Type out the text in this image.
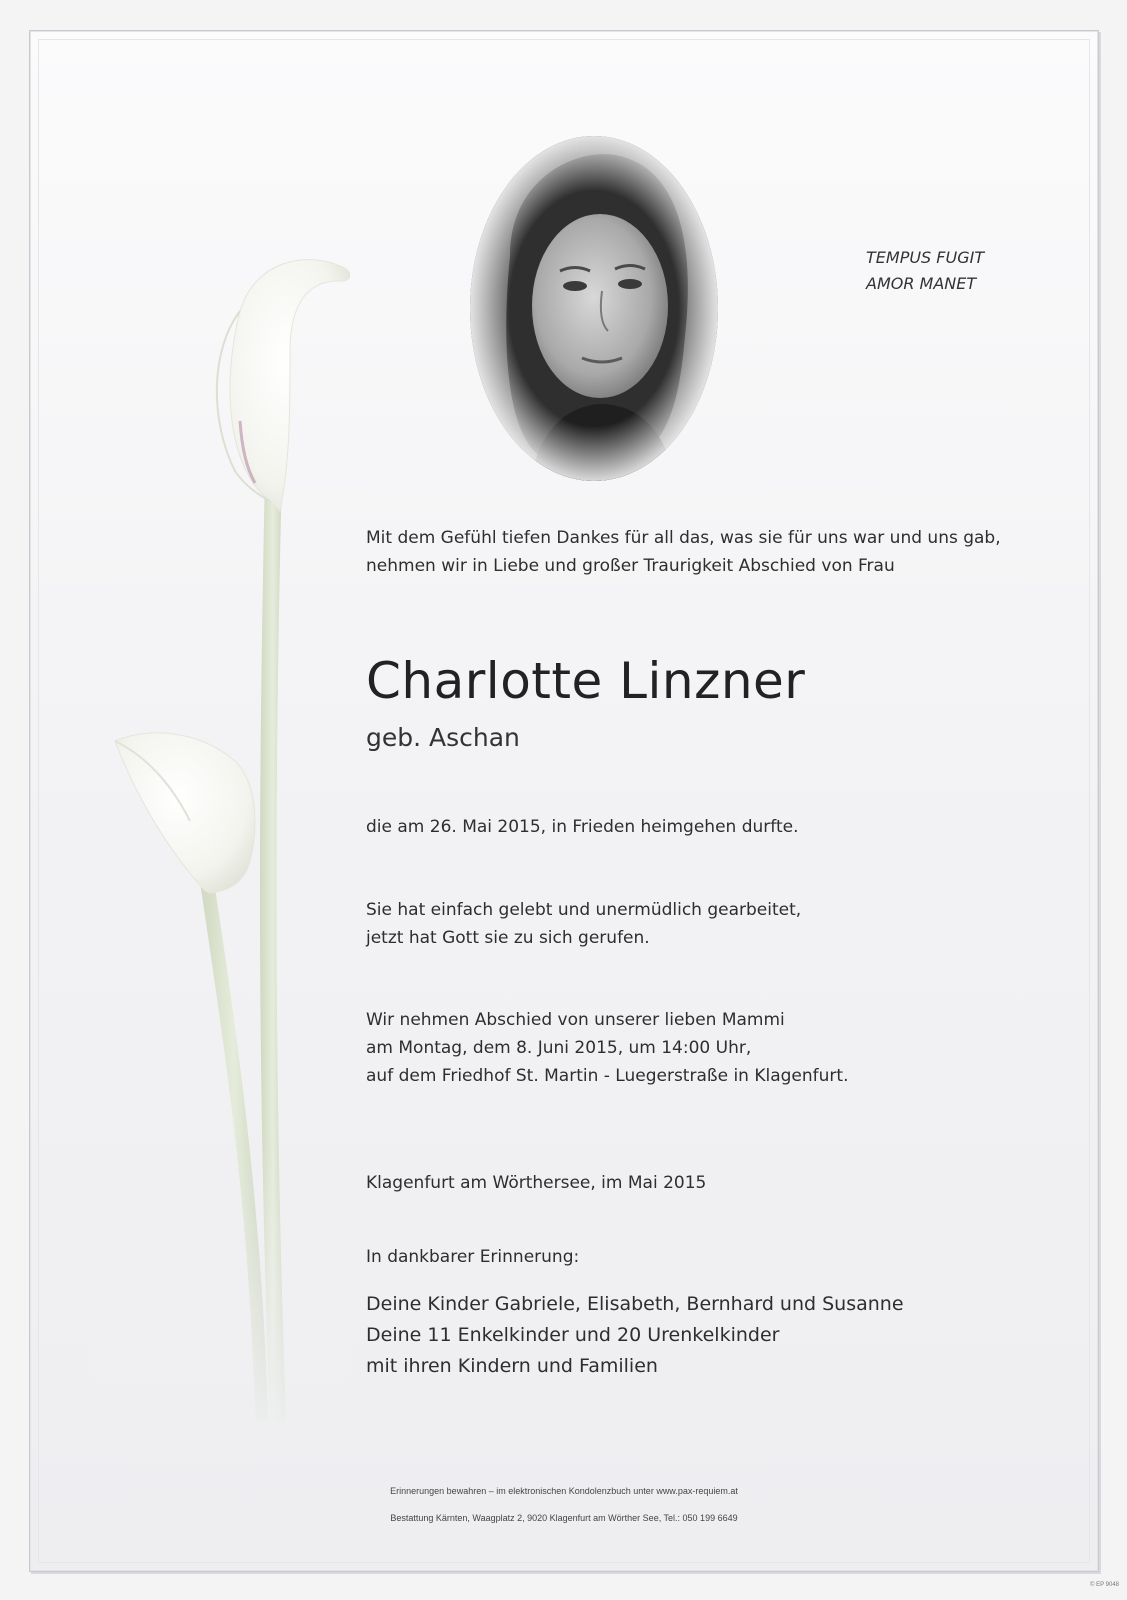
TEMPUS FUGIT
AMOR MANET
Mit dem Gefühl tiefen Dankes für all das, was sie für uns war und uns gab,
nehmen wir in Liebe und großer Traurigkeit Abschied von Frau
Charlotte Linzner
geb. Aschan
die am 26. Mai 2015, in Frieden heimgehen durfte.
Sie hat einfach gelebt und unermüdlich gearbeitet,
jetzt hat Gott sie zu sich gerufen.
Wir nehmen Abschied von unserer lieben Mammi
am Montag, dem 8. Juni 2015, um 14:00 Uhr,
auf dem Friedhof St. Martin - Luegerstraße in Klagenfurt.
Klagenfurt am Wörthersee, im Mai 2015
In dankbarer Erinnerung:
Deine Kinder Gabriele, Elisabeth, Bernhard und Susanne
Deine 11 Enkelkinder und 20 Urenkelkinder
mit ihren Kindern und Familien
Erinnerungen bewahren – im elektronischen Kondolenzbuch unter www.pax-requiem.at
Bestattung Kärnten, Waagplatz 2, 9020 Klagenfurt am Wörther See, Tel.: 050 199 6649
© EP 9048
